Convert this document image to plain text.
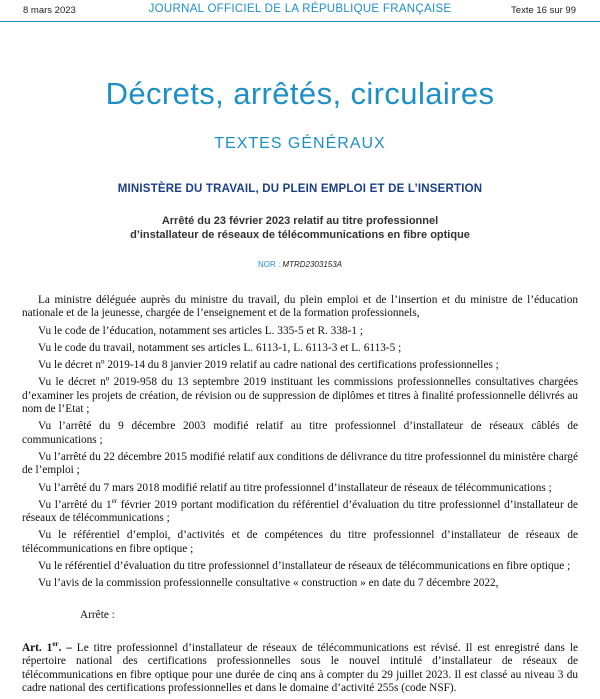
8 mars 2023	JOURNAL OFFICIEL DE LA RÉPUBLIQUE FRANÇAISE	Texte 16 sur 99
Décrets, arrêtés, circulaires
TEXTES GÉNÉRAUX
MINISTÈRE DU TRAVAIL, DU PLEIN EMPLOI ET DE L’INSERTION
Arrêté du 23 février 2023 relatif au titre professionnel
d’installateur de réseaux de télécommunications en fibre optique
NOR : MTRD2303153A

La ministre déléguée auprès du ministre du travail, du plein emploi et de l’insertion et du ministre de l’éducation nationale et de la jeunesse, chargée de l’enseignement et de la formation professionnels,

Vu le code de l’éducation, notamment ses articles L. 335-5 et R. 338-1 ;

Vu le code du travail, notamment ses articles L. 6113-1, L. 6113-3 et L. 6113-5 ;

Vu le décret nº 2019-14 du 8 janvier 2019 relatif au cadre national des certifications professionnelles ;

Vu le décret nº 2019-958 du 13 septembre 2019 instituant les commissions professionnelles consultatives chargées d’examiner les projets de création, de révision ou de suppression de diplômes et titres à finalité professionnelle délivrés au nom de l’Etat ;

Vu l’arrêté du 9 décembre 2003 modifié relatif au titre professionnel d’installateur de réseaux câblés de communications ;

Vu l’arrêté du 22 décembre 2015 modifié relatif aux conditions de délivrance du titre professionnel du ministère chargé de l’emploi ;

Vu l’arrêté du 7 mars 2018 modifié relatif au titre professionnel d’installateur de réseaux de télécommunications ;

Vu l’arrêté du 1er février 2019 portant modification du référentiel d’évaluation du titre professionnel d’installateur de réseaux de télécommunications ;

Vu le référentiel d’emploi, d’activités et de compétences du titre professionnel d’installateur de réseaux de télécommunications en fibre optique ;

Vu le référentiel d’évaluation du titre professionnel d’installateur de réseaux de télécommunications en fibre optique ;

Vu l’avis de la commission professionnelle consultative « construction » en date du 7 décembre 2022,

Arrête :

Art. 1er. – Le titre professionnel d’installateur de réseaux de télécommunications est révisé. Il est enregistré dans le répertoire national des certifications professionnelles sous le nouvel intitulé d’installateur de réseaux de télécommunications en fibre optique pour une durée de cinq ans à compter du 29 juillet 2023. Il est classé au niveau 3 du cadre national des certifications professionnelles et dans le domaine d’activité 255s (code NSF).
